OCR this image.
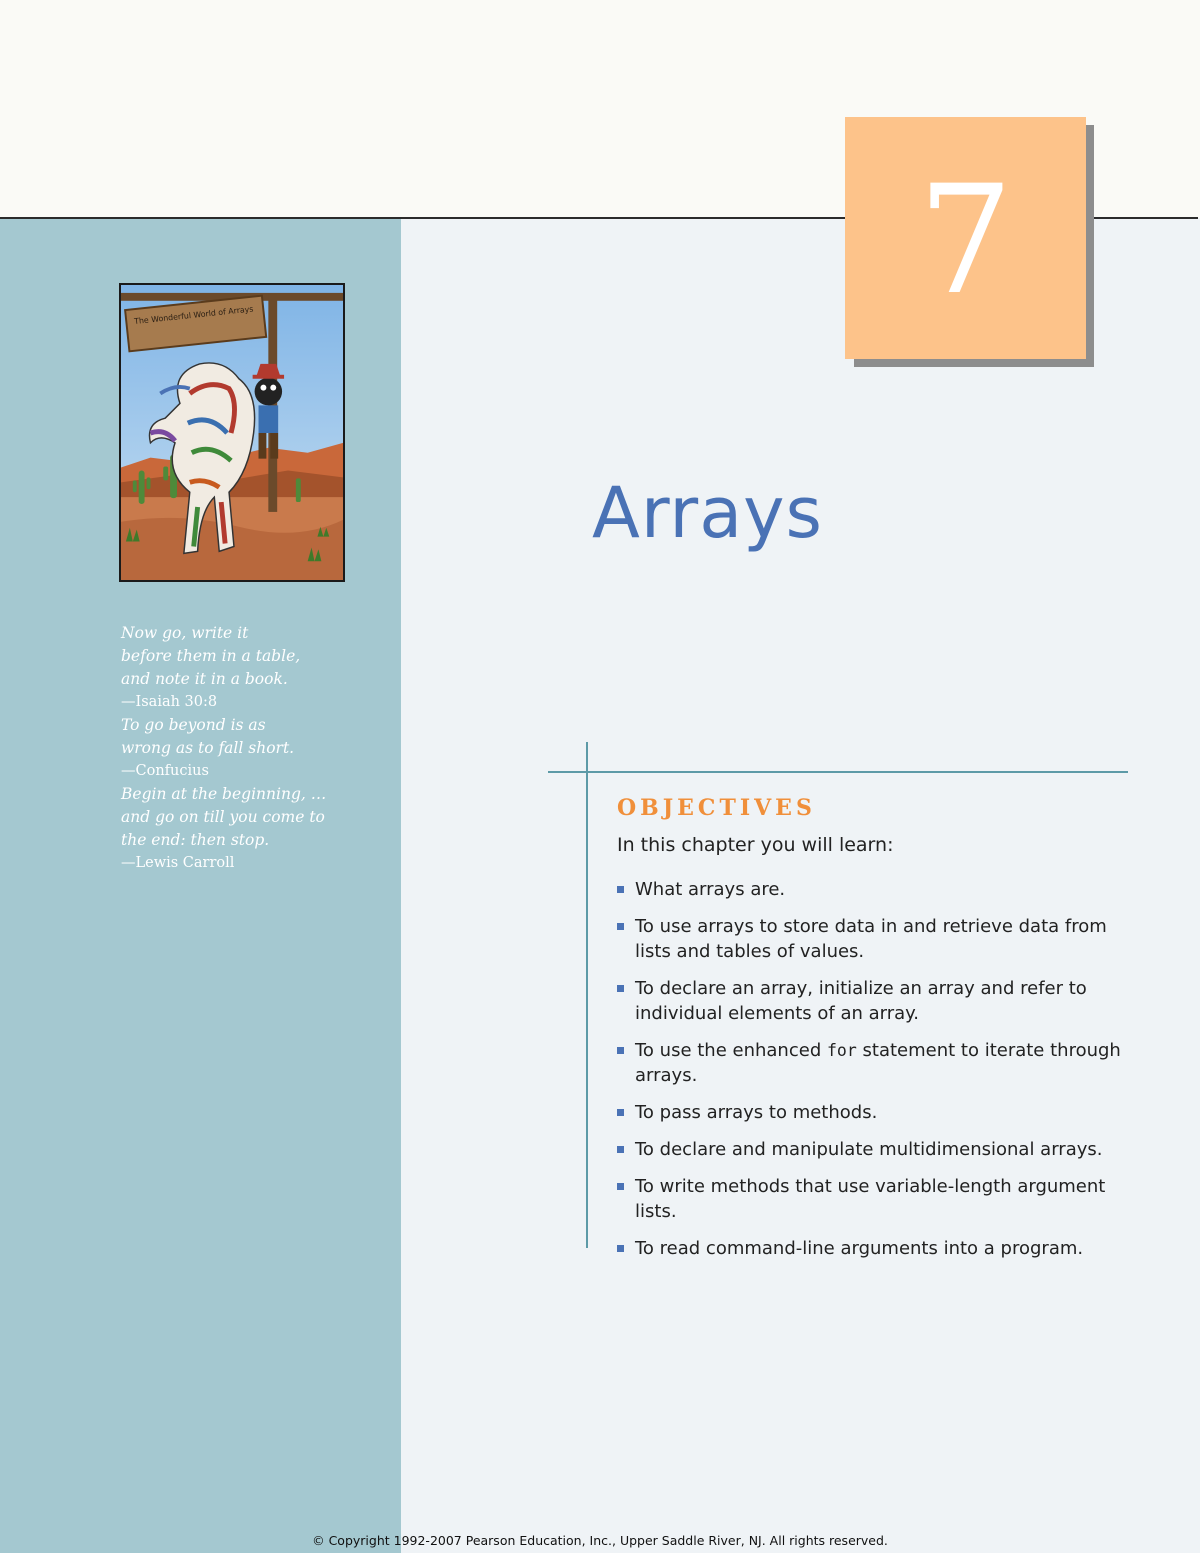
7
The Wonderful World of Arrays
Now go, write it
before them in a table,
and note it in a book.
—Isaiah 30:8
To go beyond is as
wrong as to fall short.
—Confucius
Begin at the beginning, …
and go on till you come to
the end: then stop.
—Lewis Carroll
Arrays
OBJECTIVES
In this chapter you will learn:
What arrays are.
To use arrays to store data in and retrieve data from lists and tables of values.
To declare an array, initialize an array and refer to individual elements of an array.
To use the enhanced for statement to iterate through arrays.
To pass arrays to methods.
To declare and manipulate multidimensional arrays.
To write methods that use variable-length argument lists.
To read command-line arguments into a program.
© Copyright 1992-2007 Pearson Education, Inc., Upper Saddle River, NJ. All rights reserved.
